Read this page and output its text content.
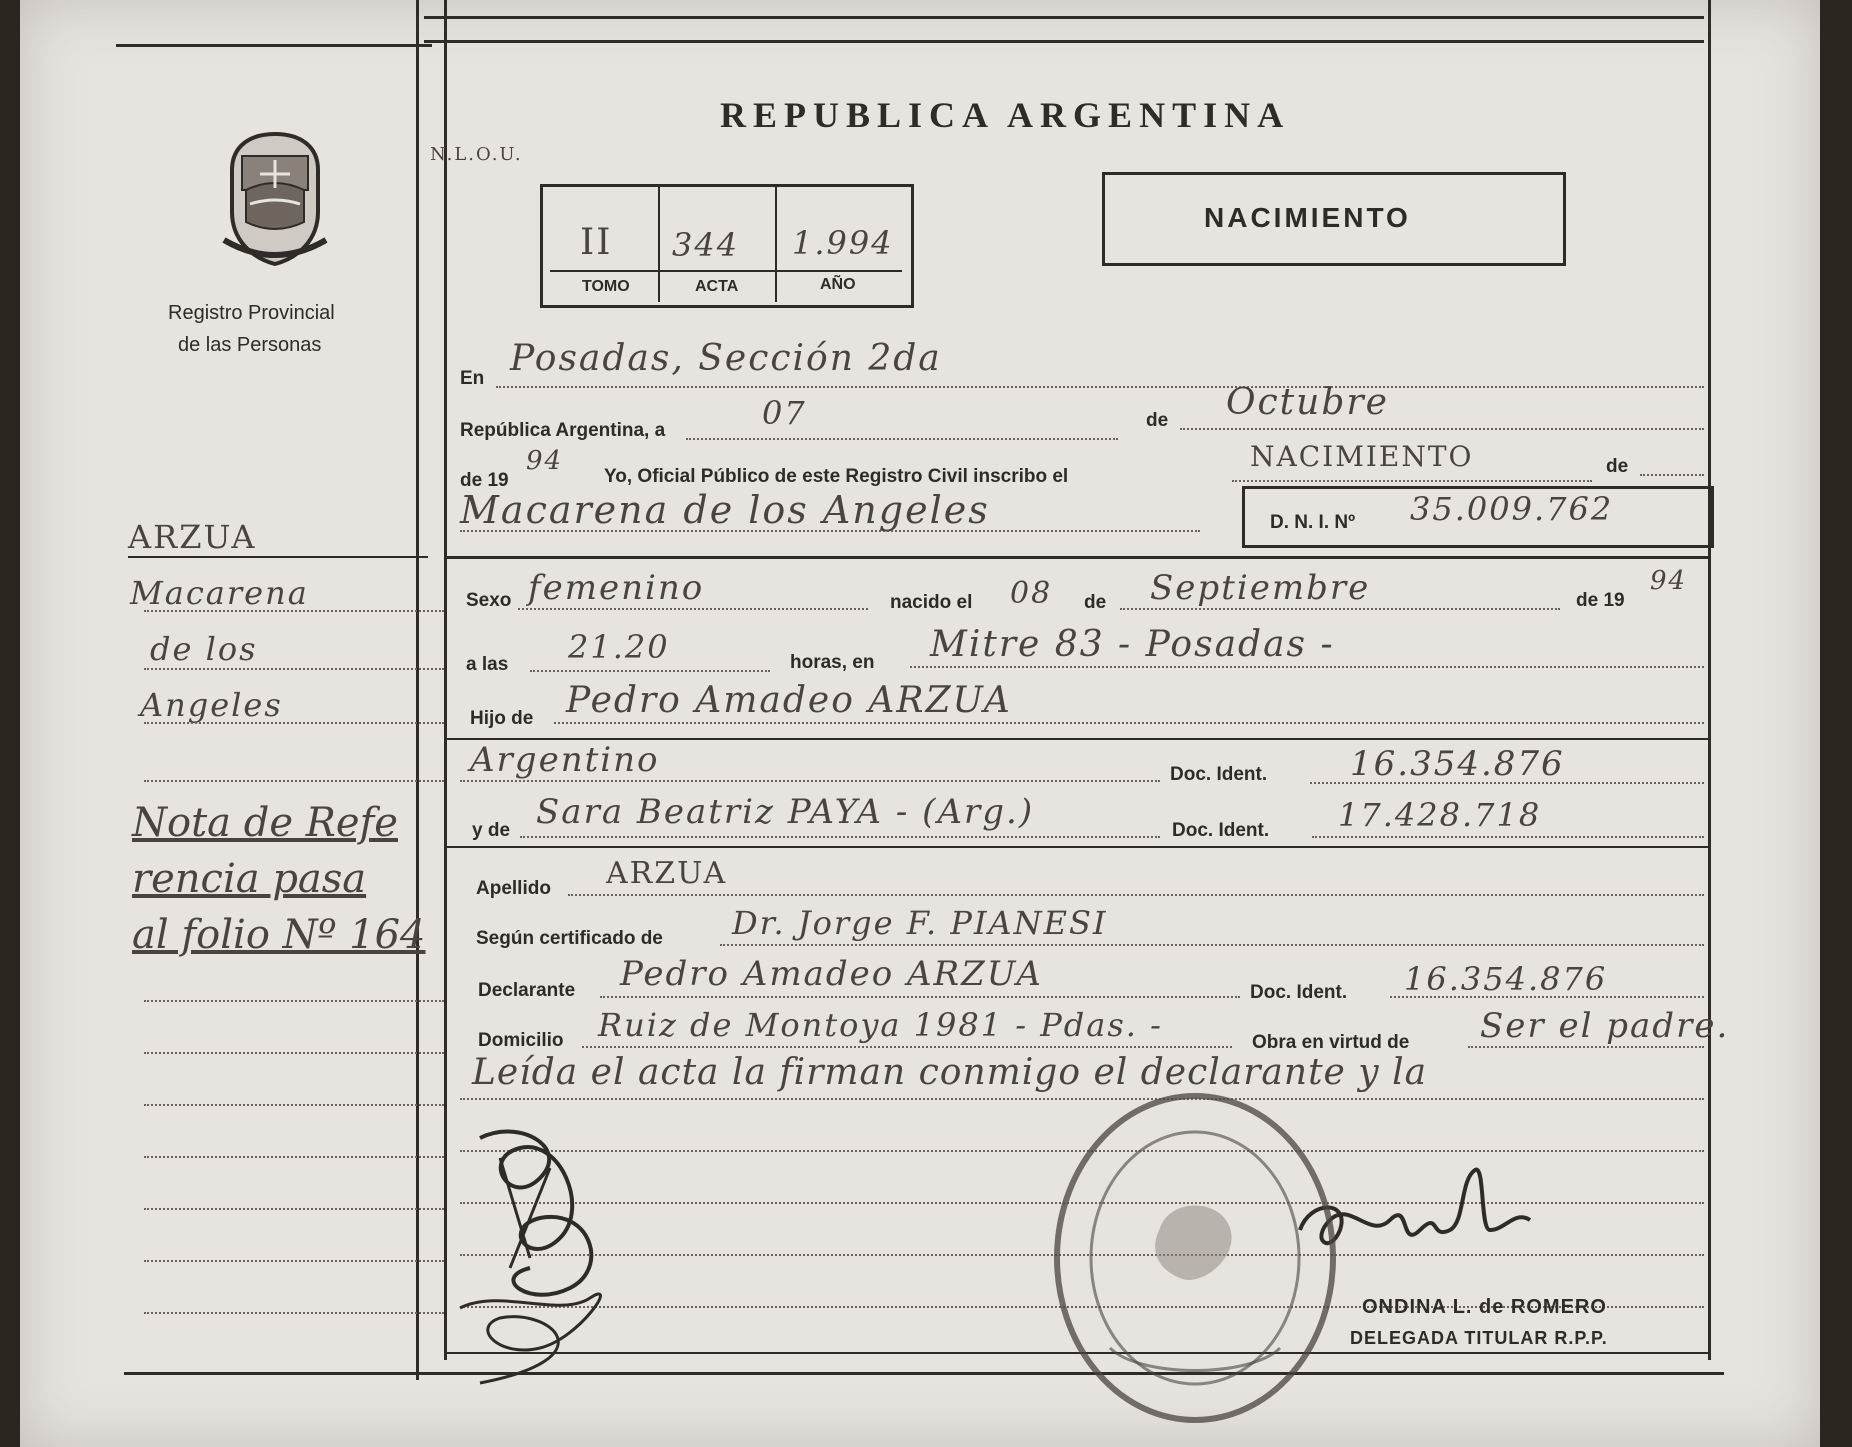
Registro Provincial
de las Personas
REPUBLICA ARGENTINA
N.L.O.U.
II 344 1.994
TOMO	ACTA	AÑO
NACIMIENTO
ARZUA
Macarena
de los
Angeles
Nota de Refe
rencia pasa
al folio Nº 164
En Posadas, Sección 2da
República Argentina, a	07	de Octubre
de 19
94
Yo, Oficial Público de este Registro Civil inscribo el
NACIMIENTO	de
Macarena de los Angeles	D. N. I. Nº 35.009.762
Sexo femenino	nacido el 08 de Septiembre	de 19
94
a las 21.20	horas, en Mitre 83 - Posadas -
Hijo de Pedro Amadeo ARZUA
Argentino	Doc. Ident. 16.354.876
y de Sara Beatriz PAYA - (Arg.)	Doc. Ident. 17.428.718
Apellido ARZUA
Según certificado de Dr. Jorge F. PIANESI
Declarante Pedro Amadeo ARZUA	Doc. Ident. 16.354.876
Domicilio Ruiz de Montoya 1981 - Pdas. -	Obra en virtud de Ser el padre.
Leída el acta la firman conmigo el declarante y la
ONDINA L. de ROMERO
DELEGADA TITULAR R.P.P.
